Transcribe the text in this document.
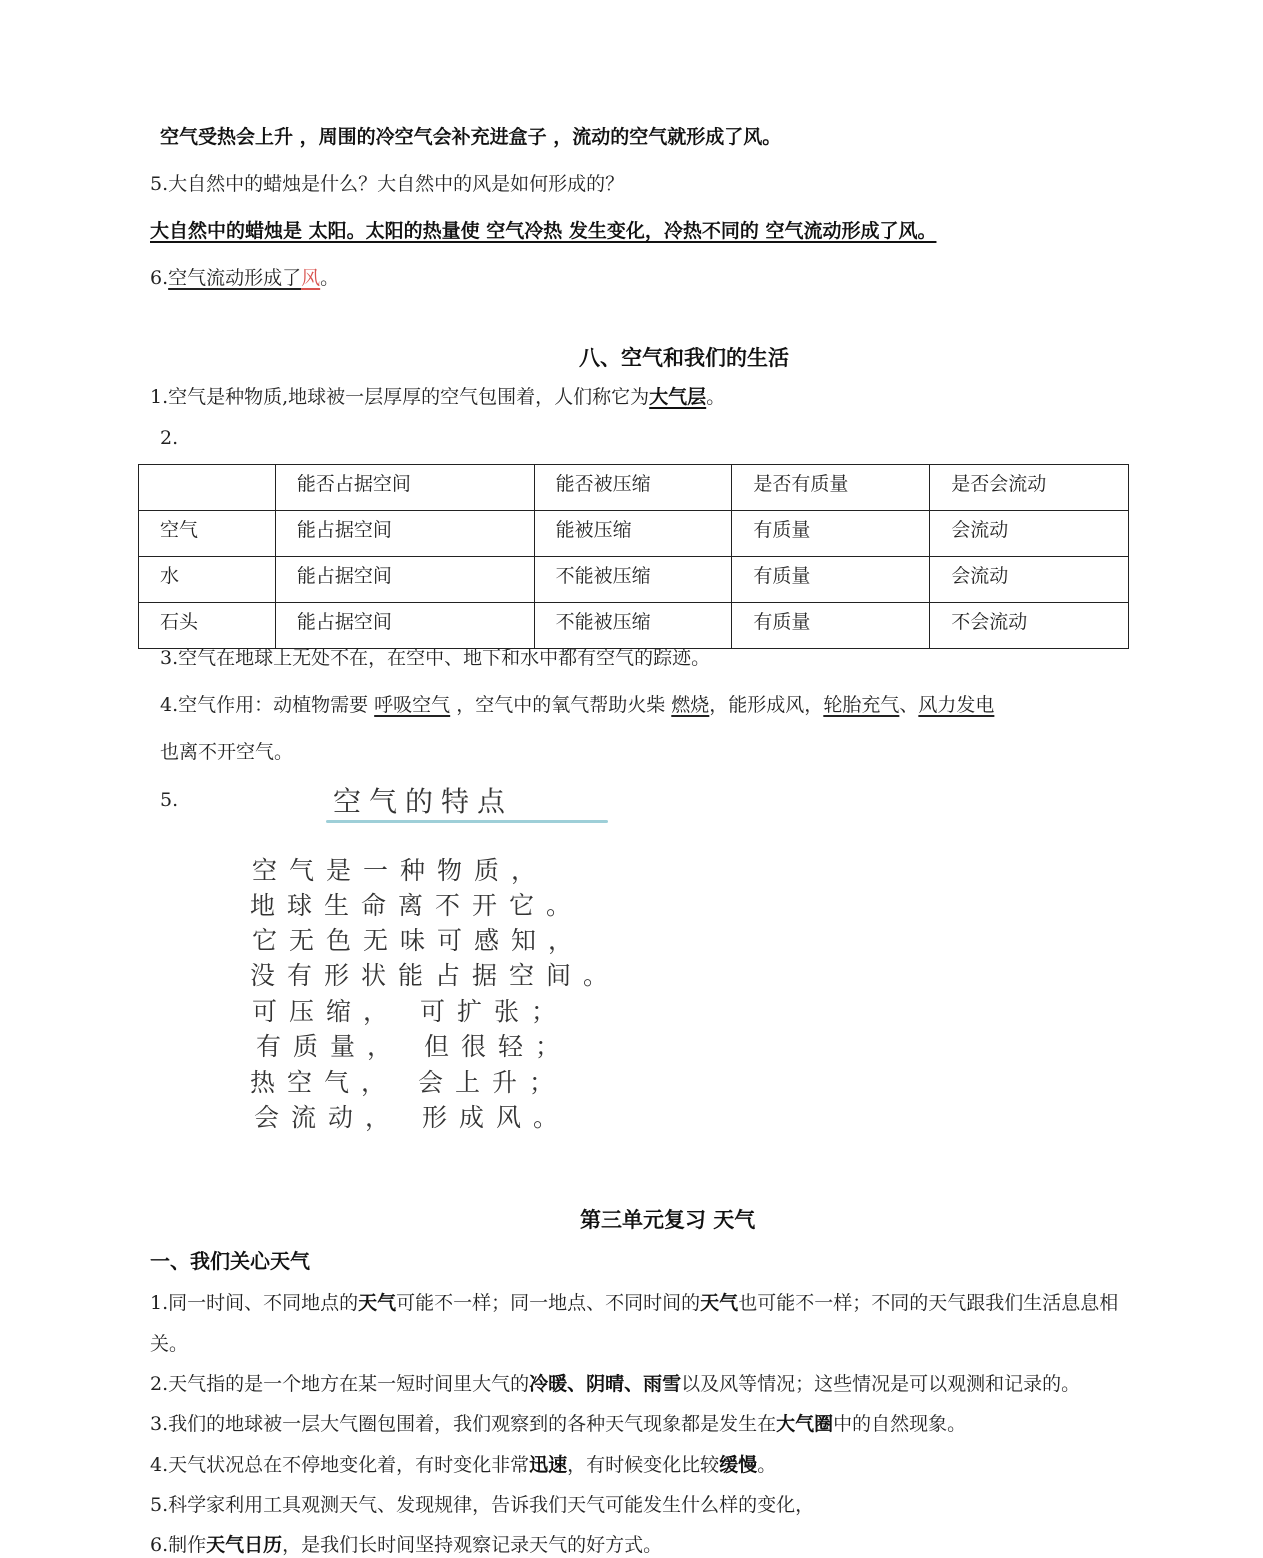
空气受热会上升 ，周围的冷空气会补充进盒子 ，流动的空气就形成了风。
5.大自然中的蜡烛是什么？大自然中的风是如何形成的？
大自然中的蜡烛是 太阳。太阳的热量使 空气冷热 发生变化，冷热不同的 空气流动形成了风。
6.空气流动形成了风。
八、空气和我们的生活
1.空气是种物质,地球被一层厚厚的空气包围着，人们称它为大气层。
2.
	能否占据空间	能否被压缩	是否有质量	是否会流动
空气	能占据空间	能被压缩	有质量	会流动
水	能占据空间	不能被压缩	有质量	会流动
石头	能占据空间	不能被压缩	有质量	不会流动
3.空气在地球上无处不在，在空中、地下和水中都有空气的踪迹。
4.空气作用：动植物需要 呼吸空气 ，空气中的氧气帮助火柴 燃烧，能形成风，轮胎充气、风力发电
也离不开空气。
5.	空气的特点
空气是一种物质，
地球生命离不开它。
它无色无味可感知，
没有形状能占据空间。
可压缩， 可扩张；
有质量， 但很轻；
热空气， 会上升；
会流动， 形成风。
第三单元复习 天气
一、我们关心天气
1.同一时间、不同地点的天气可能不一样；同一地点、不同时间的天气也可能不一样；不同的天气跟我们生活息息相
关。
2.天气指的是一个地方在某一短时间里大气的冷暖、阴晴、雨雪以及风等情况；这些情况是可以观测和记录的。
3.我们的地球被一层大气圈包围着，我们观察到的各种天气现象都是发生在大气圈中的自然现象。
4.天气状况总在不停地变化着，有时变化非常迅速，有时候变化比较缓慢。
5.科学家利用工具观测天气、发现规律，告诉我们天气可能发生什么样的变化，
6.制作天气日历，是我们长时间坚持观察记录天气的好方式。
